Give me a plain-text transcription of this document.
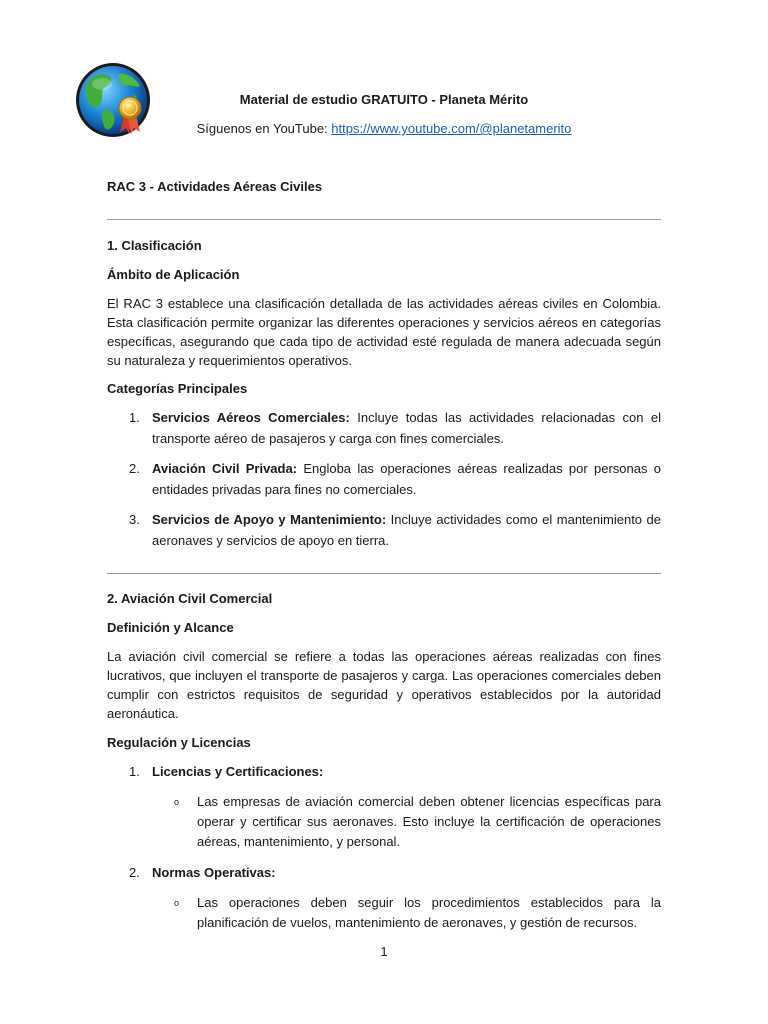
Material de estudio GRATUITO - Planeta Mérito
Síguenos en YouTube: https://www.youtube.com/@planetamerito
RAC 3 - Actividades Aéreas Civiles
1. Clasificación
Ámbito de Aplicación
El RAC 3 establece una clasificación detallada de las actividades aéreas civiles en Colombia. Esta clasificación permite organizar las diferentes operaciones y servicios aéreos en categorías específicas, asegurando que cada tipo de actividad esté regulada de manera adecuada según su naturaleza y requerimientos operativos.
Categorías Principales
1. Servicios Aéreos Comerciales: Incluye todas las actividades relacionadas con el transporte aéreo de pasajeros y carga con fines comerciales.
2. Aviación Civil Privada: Engloba las operaciones aéreas realizadas por personas o entidades privadas para fines no comerciales.
3. Servicios de Apoyo y Mantenimiento: Incluye actividades como el mantenimiento de aeronaves y servicios de apoyo en tierra.
2. Aviación Civil Comercial
Definición y Alcance
La aviación civil comercial se refiere a todas las operaciones aéreas realizadas con fines lucrativos, que incluyen el transporte de pasajeros y carga. Las operaciones comerciales deben cumplir con estrictos requisitos de seguridad y operativos establecidos por la autoridad aeronáutica.
Regulación y Licencias
1. Licencias y Certificaciones:
o Las empresas de aviación comercial deben obtener licencias específicas para operar y certificar sus aeronaves. Esto incluye la certificación de operaciones aéreas, mantenimiento, y personal.
2. Normas Operativas:
o Las operaciones deben seguir los procedimientos establecidos para la planificación de vuelos, mantenimiento de aeronaves, y gestión de recursos.
1
